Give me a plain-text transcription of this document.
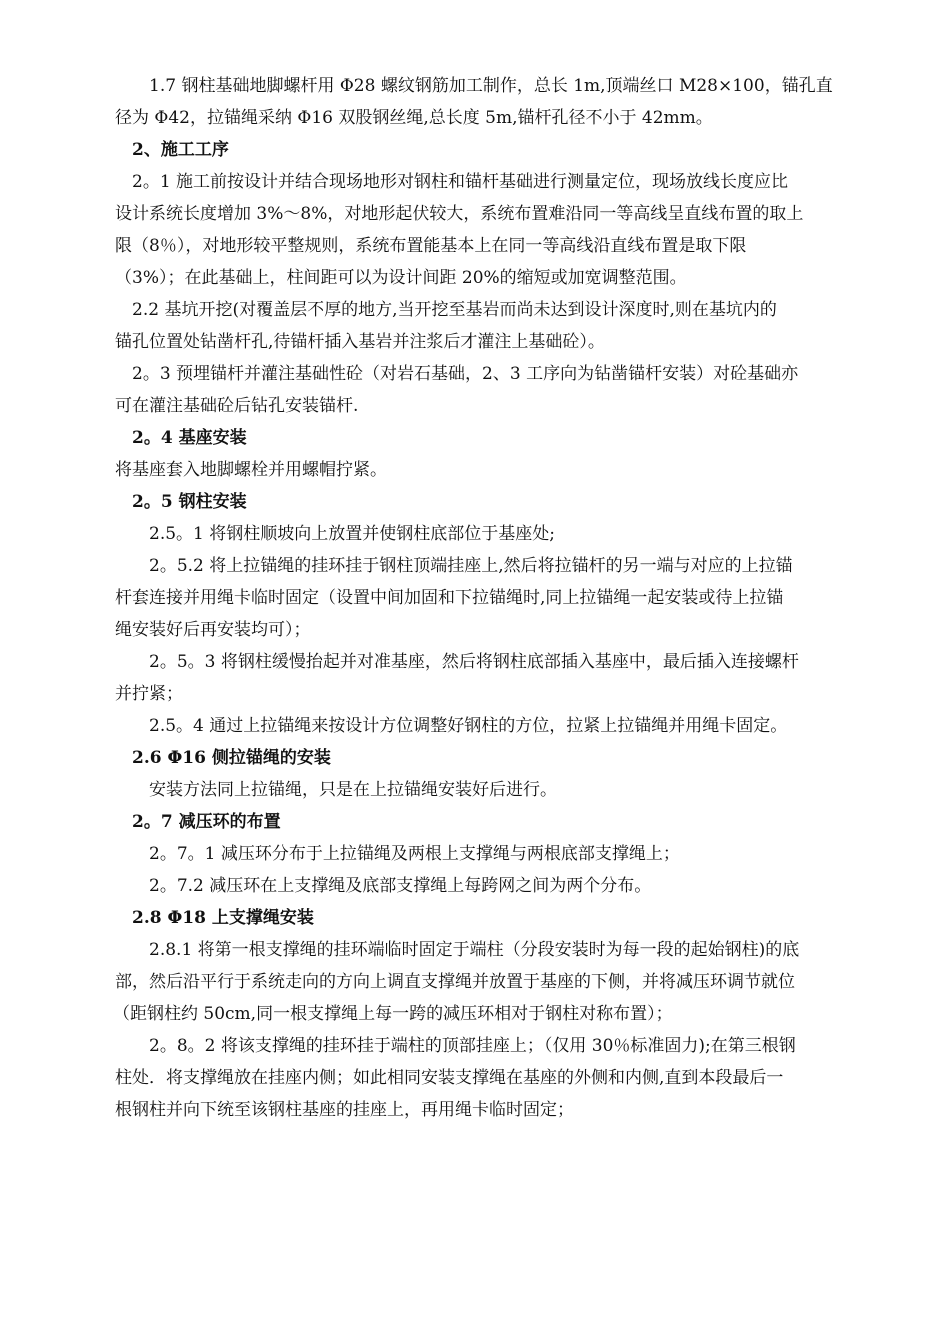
1.7 钢柱基础地脚螺杆用 Φ28 螺纹钢筋加工制作，总长 1m,顶端丝口 M28×100，锚孔直
径为 Φ42，拉锚绳采纳 Φ16 双股钢丝绳,总长度 5m,锚杆孔径不小于 42mm。
2、施工工序
2。1 施工前按设计并结合现场地形对钢柱和锚杆基础进行测量定位，现场放线长度应比
设计系统长度增加 3%～8%，对地形起伏较大，系统布置难沿同一等高线呈直线布置的取上
限（8％），对地形较平整规则，系统布置能基本上在同一等高线沿直线布置是取下限
（3%）；在此基础上，柱间距可以为设计间距 20%的缩短或加宽调整范围。
2.2 基坑开挖(对覆盖层不厚的地方,当开挖至基岩而尚未达到设计深度时,则在基坑内的
锚孔位置处钻凿杆孔,待锚杆插入基岩并注浆后才灌注上基础砼）。
2。3 预埋锚杆并灌注基础性砼（对岩石基础，2、3 工序向为钻凿锚杆安装）对砼基础亦
可在灌注基础砼后钻孔安装锚杆.
2。4 基座安装
将基座套入地脚螺栓并用螺帽拧紧。
2。5 钢柱安装
2.5。1 将钢柱顺坡向上放置并使钢柱底部位于基座处;
2。5.2 将上拉锚绳的挂环挂于钢柱顶端挂座上,然后将拉锚杆的另一端与对应的上拉锚
杆套连接并用绳卡临时固定（设置中间加固和下拉锚绳时,同上拉锚绳一起安装或待上拉锚
绳安装好后再安装均可）；
2。5。3 将钢柱缓慢抬起并对准基座，然后将钢柱底部插入基座中，最后插入连接螺杆
并拧紧；
2.5。4 通过上拉锚绳来按设计方位调整好钢柱的方位，拉紧上拉锚绳并用绳卡固定。
2.6 Φ16 侧拉锚绳的安装
安装方法同上拉锚绳，只是在上拉锚绳安装好后进行。
2。7 减压环的布置
2。7。1 减压环分布于上拉锚绳及两根上支撑绳与两根底部支撑绳上；
2。7.2 减压环在上支撑绳及底部支撑绳上每跨网之间为两个分布。
2.8 Φ18 上支撑绳安装
2.8.1 将第一根支撑绳的挂环端临时固定于端柱（分段安装时为每一段的起始钢柱)的底
部，然后沿平行于系统走向的方向上调直支撑绳并放置于基座的下侧，并将减压环调节就位
（距钢柱约 50cm,同一根支撑绳上每一跨的减压环相对于钢柱对称布置）；
2。8。2 将该支撑绳的挂环挂于端柱的顶部挂座上；（仅用 30％标准固力);在第三根钢
柱处．将支撑绳放在挂座内侧；如此相同安装支撑绳在基座的外侧和内侧,直到本段最后一
根钢柱并向下统至该钢柱基座的挂座上，再用绳卡临时固定；
